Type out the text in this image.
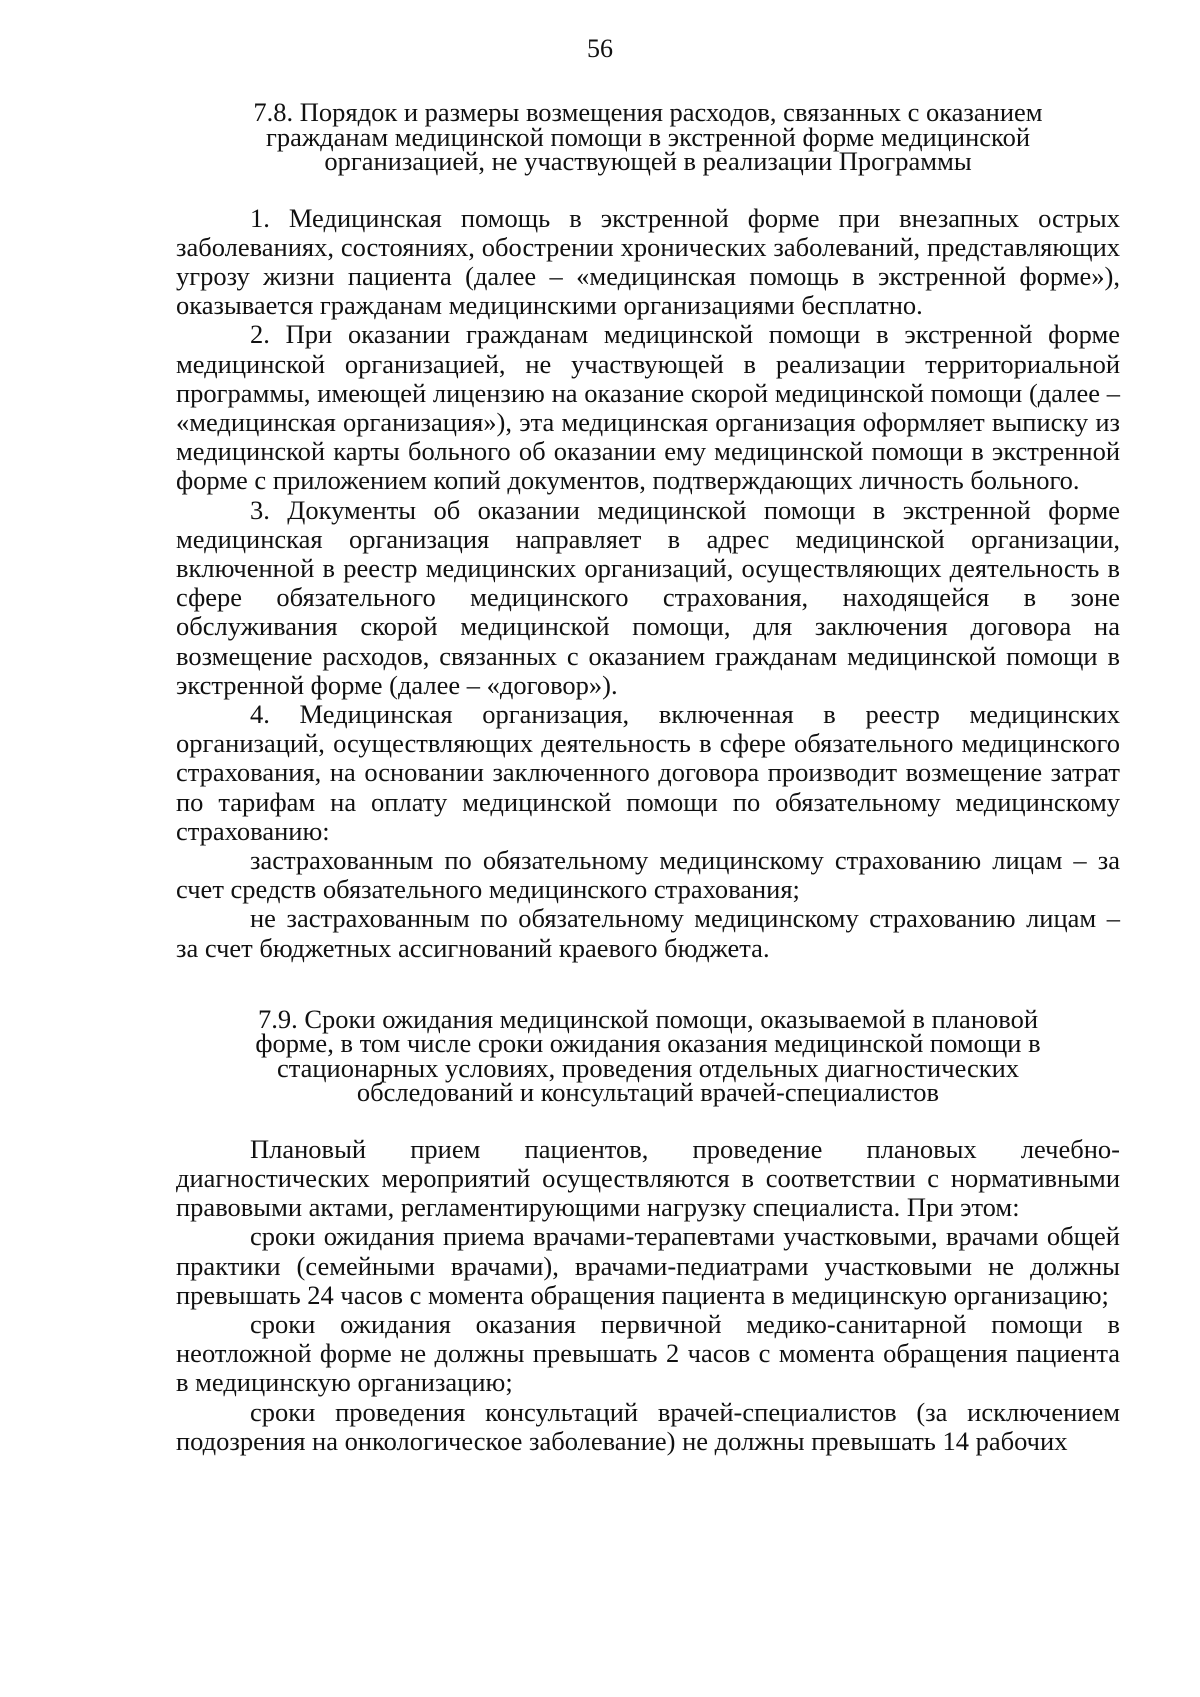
56
7.8. Порядок и размеры возмещения расходов, связанных с оказанием
гражданам медицинской помощи в экстренной форме медицинской
организацией, не участвующей в реализации Программы

1. Медицинская помощь в экстренной форме при внезапных острых заболеваниях, состояниях, обострении хронических заболеваний, представляющих угрозу жизни пациента (далее – «медицинская помощь в экстренной форме»), оказывается гражданам медицинскими организациями бесплатно.

2. При оказании гражданам медицинской помощи в экстренной форме медицинской организацией, не участвующей в реализации территориальной программы, имеющей лицензию на оказание скорой медицинской помощи (далее – «медицинская организация»), эта медицинская организация оформляет выписку из медицинской карты больного об оказании ему медицинской помощи в экстренной форме с приложением копий документов, подтверждающих личность больного.

3. Документы об оказании медицинской помощи в экстренной форме медицинская организация направляет в адрес медицинской организации, включенной в реестр медицинских организаций, осуществляющих деятельность в сфере обязательного медицинского страхования, находящейся в зоне обслуживания скорой медицинской помощи, для заключения договора на возмещение расходов, связанных с оказанием гражданам медицинской помощи в экстренной форме (далее – «договор»).

4. Медицинская организация, включенная в реестр медицинских организаций, осуществляющих деятельность в сфере обязательного медицинского страхования, на основании заключенного договора производит возмещение затрат по тарифам на оплату медицинской помощи по обязательному медицинскому страхованию:

застрахованным по обязательному медицинскому страхованию лицам – за счет средств обязательного медицинского страхования;

не застрахованным по обязательному медицинскому страхованию лицам – за счет бюджетных ассигнований краевого бюджета.

7.9. Сроки ожидания медицинской помощи, оказываемой в плановой
форме, в том числе сроки ожидания оказания медицинской помощи в
стационарных условиях, проведения отдельных диагностических
обследований и консультаций врачей-специалистов

Плановый прием пациентов, проведение плановых лечебно-диагностических мероприятий осуществляются в соответствии с нормативными правовыми актами, регламентирующими нагрузку специалиста. При этом:

сроки ожидания приема врачами-терапевтами участковыми, врачами общей практики (семейными врачами), врачами-педиатрами участковыми не должны превышать 24 часов с момента обращения пациента в медицинскую организацию;

сроки ожидания оказания первичной медико-санитарной помощи в неотложной форме не должны превышать 2 часов с момента обращения пациента в медицинскую организацию;

сроки проведения консультаций врачей-специалистов (за исключением подозрения на онкологическое заболевание) не должны превышать 14 рабочих
